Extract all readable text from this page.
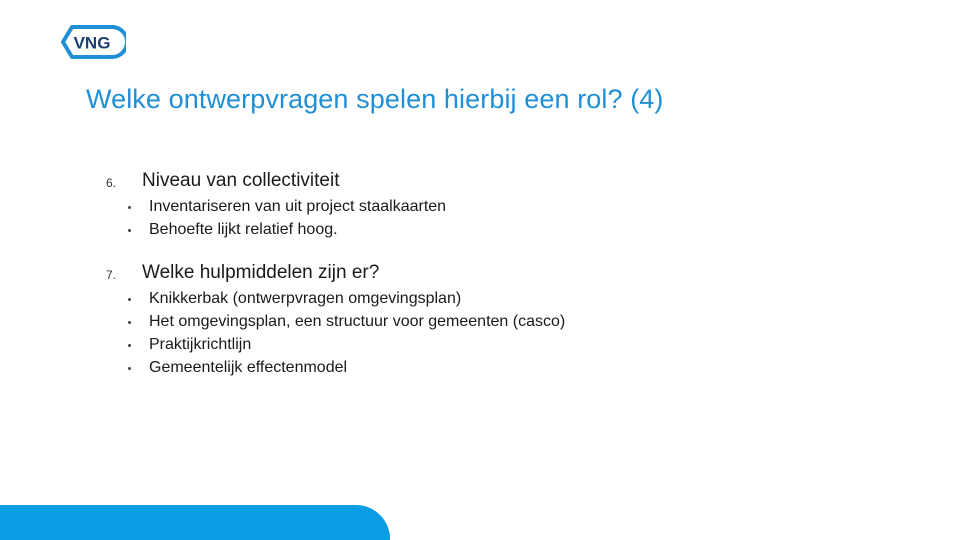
VNG
Welke ontwerpvragen spelen hierbij een rol? (4)
6. Niveau van collectiviteit
Inventariseren van uit project staalkaarten
Behoefte lijkt relatief hoog.
7. Welke hulpmiddelen zijn er?
Knikkerbak (ontwerpvragen omgevingsplan)
Het omgevingsplan, een structuur voor gemeenten (casco)
Praktijkrichtlijn
Gemeentelijk effectenmodel
